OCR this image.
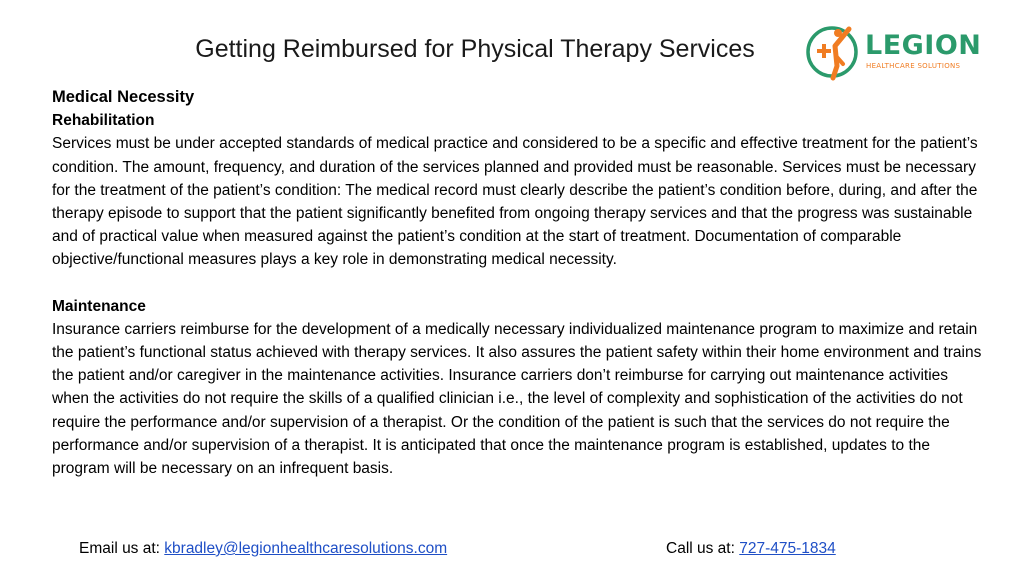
Getting Reimbursed for Physical Therapy Services	LEGION
HEALTHCARE SOLUTIONS
Medical Necessity
Rehabilitation

Services must be under accepted standards of medical practice and considered to be a specific and effective treatment for the patient’s condition. The amount, frequency, and duration of the services planned and provided must be reasonable. Services must be necessary for the treatment of the patient’s condition: The medical record must clearly describe the patient’s condition before, during, and after the therapy episode to support that the patient significantly benefited from ongoing therapy services and that the progress was sustainable and of practical value when measured against the patient’s condition at the start of treatment. Documentation of comparable objective/functional measures plays a key role in demonstrating medical necessity.

Maintenance

Insurance carriers reimburse for the development of a medically necessary individualized maintenance program to maximize and retain the patient’s functional status achieved with therapy services. It also assures the patient safety within their home environment and trains the patient and/or caregiver in the maintenance activities. Insurance carriers don’t reimburse for carrying out maintenance activities when the activities do not require the skills of a qualified clinician i.e., the level of complexity and sophistication of the activities do not require the performance and/or supervision of a therapist. Or the condition of the patient is such that the services do not require the performance and/or supervision of a therapist. It is anticipated that once the maintenance program is established, updates to the program will be necessary on an infrequent basis.

Email us at: kbradley@legionhealthcaresolutions.com	Call us at: 727-475-1834
